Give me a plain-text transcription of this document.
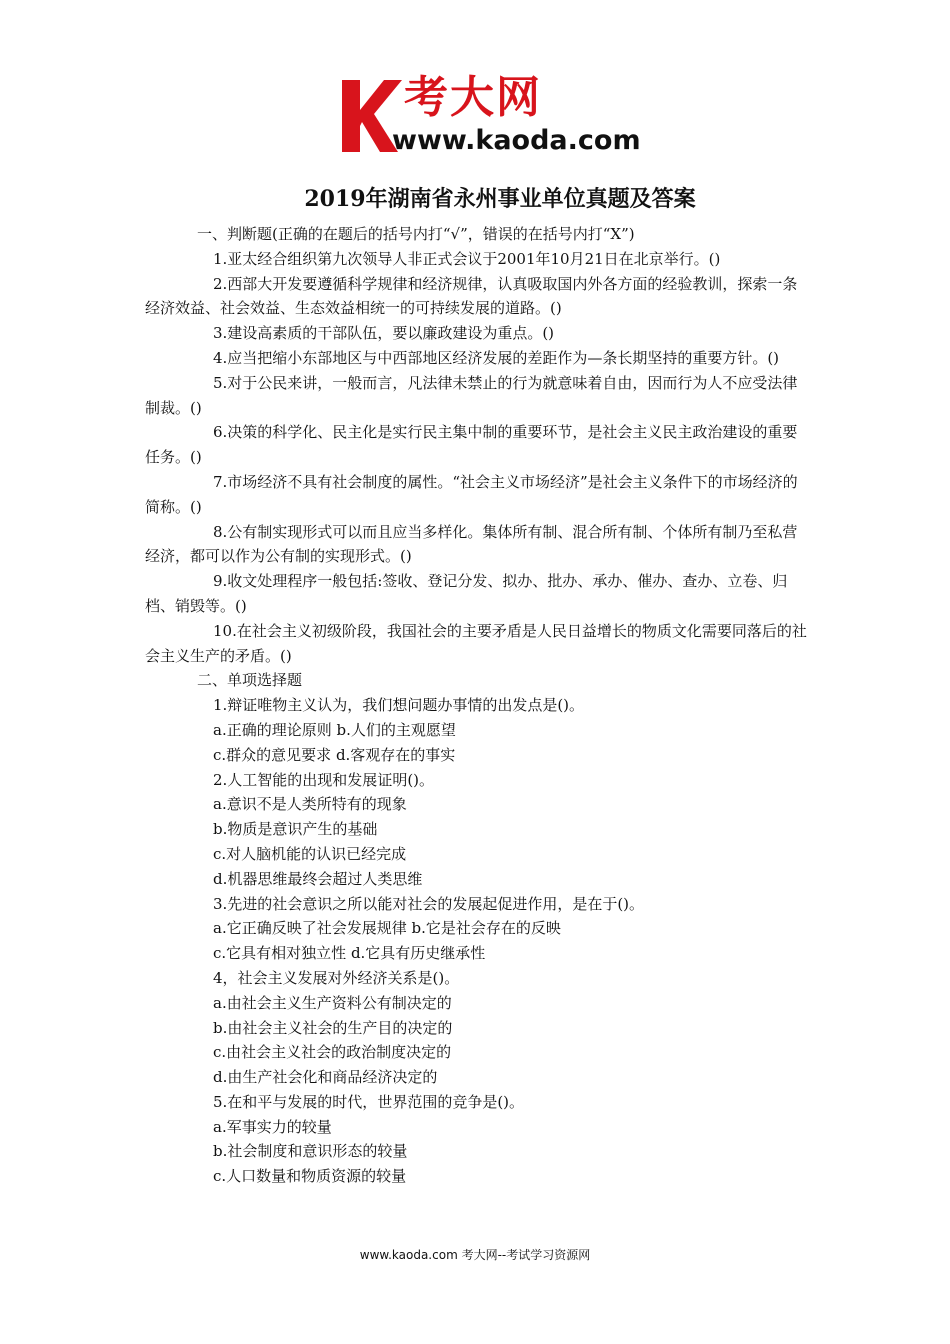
考大网
www.kaoda.com
2019年湖南省永州事业单位真题及答案

一、判断题(正确的在题后的括号内打“√”，错误的在括号内打“X”)

1.亚太经合组织第九次领导人非正式会议于2001年10月21日在北京举行。()

2.西部大开发要遵循科学规律和经济规律，认真吸取国内外各方面的经验教训，探索一条经济效益、社会效益、生态效益相统一的可持续发展的道路。()

3.建设高素质的干部队伍，要以廉政建设为重点。()

4.应当把缩小东部地区与中西部地区经济发展的差距作为—条长期坚持的重要方针。()

5.对于公民来讲，一般而言，凡法律未禁止的行为就意味着自由，因而行为人不应受法律制裁。()

6.决策的科学化、民主化是实行民主集中制的重要环节，是社会主义民主政治建设的重要任务。()

7.市场经济不具有社会制度的属性。“社会主义市场经济”是社会主义条件下的市场经济的简称。()

8.公有制实现形式可以而且应当多样化。集体所有制、混合所有制、个体所有制乃至私营经济，都可以作为公有制的实现形式。()

9.收文处理程序一般包括:签收、登记分发、拟办、批办、承办、催办、查办、立卷、归档、销毁等。()

10.在社会主义初级阶段，我国社会的主要矛盾是人民日益增长的物质文化需要同落后的社会主义生产的矛盾。()

二、单项选择题

1.辩证唯物主义认为，我们想问题办事情的出发点是()。

a.正确的理论原则 b.人们的主观愿望

c.群众的意见要求 d.客观存在的事实

2.人工智能的出现和发展证明()。

a.意识不是人类所特有的现象

b.物质是意识产生的基础

c.对人脑机能的认识已经完成

d.机器思维最终会超过人类思维

3.先进的社会意识之所以能对社会的发展起促进作用，是在于()。

a.它正确反映了社会发展规律 b.它是社会存在的反映

c.它具有相对独立性 d.它具有历史继承性

4，社会主义发展对外经济关系是()。

a.由社会主义生产资料公有制决定的

b.由社会主义社会的生产目的决定的

c.由社会主义社会的政治制度决定的

d.由生产社会化和商品经济决定的

5.在和平与发展的时代，世界范围的竞争是()。

a.军事实力的较量

b.社会制度和意识形态的较量

c.人口数量和物质资源的较量

www.kaoda.com 考大网--考试学习资源网
